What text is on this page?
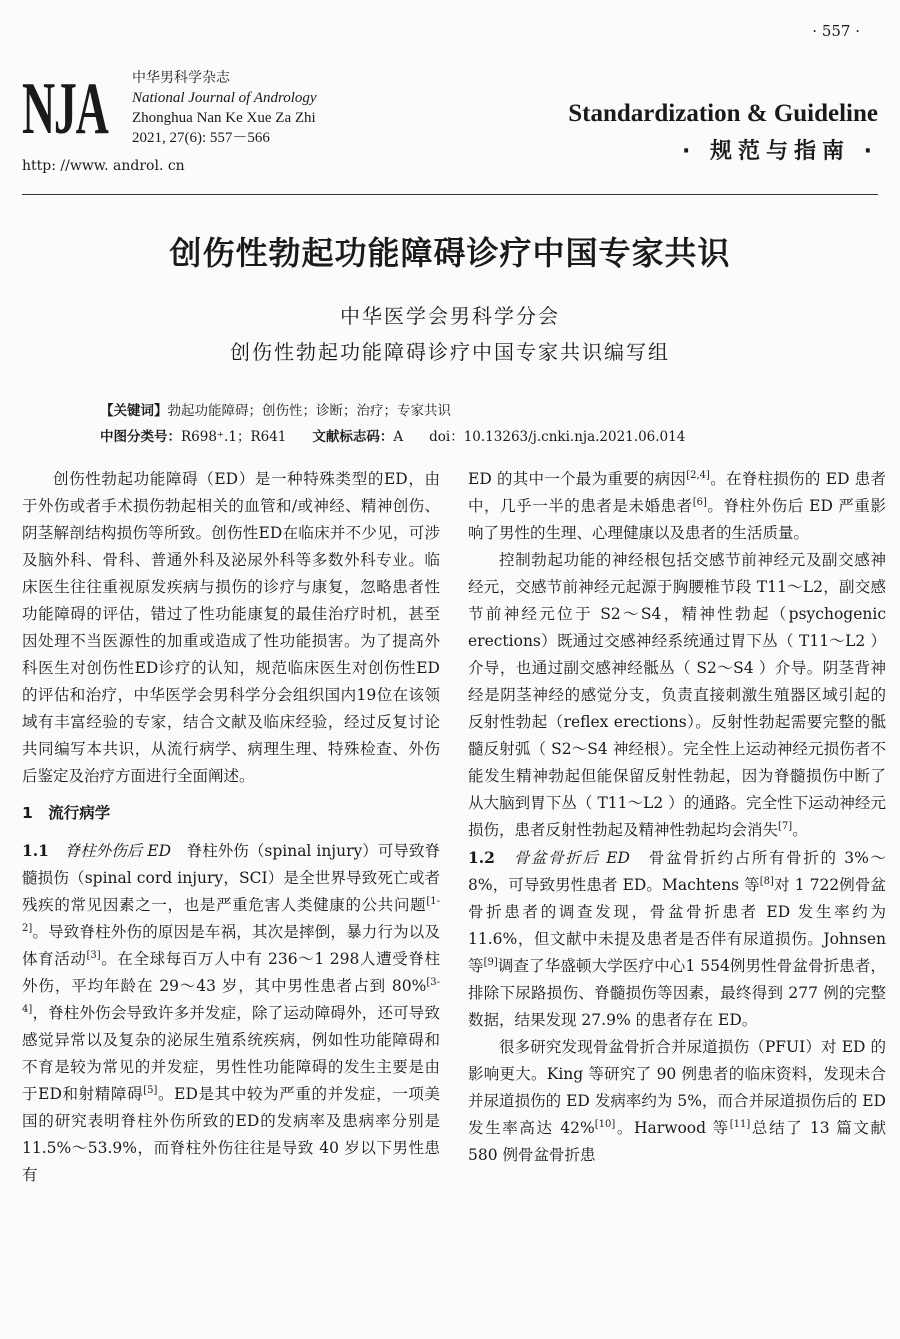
· 557 ·
NJA 中华男科学杂志
National Journal of Andrology
Zhonghua Nan Ke Xue Za Zhi
2021, 27(6): 557－566
http: //www. androl. cn
Standardization & Guideline
· 规范与指南 ·
创伤性勃起功能障碍诊疗中国专家共识
中华医学会男科学分会
创伤性勃起功能障碍诊疗中国专家共识编写组
【关键词】勃起功能障碍；创伤性；诊断；治疗；专家共识
中图分类号：R698⁺.1；R641 文献标志码：A doi：10.13263/j.cnki.nja.2021.06.014

创伤性勃起功能障碍（ED）是一种特殊类型的ED，由于外伤或者手术损伤勃起相关的血管和/或神经、精神创伤、阴茎解剖结构损伤等所致。创伤性ED在临床并不少见，可涉及脑外科、骨科、普通外科及泌尿外科等多数外科专业。临床医生往往重视原发疾病与损伤的诊疗与康复，忽略患者性功能障碍的评估，错过了性功能康复的最佳治疗时机，甚至因处理不当医源性的加重或造成了性功能损害。为了提高外科医生对创伤性ED诊疗的认知，规范临床医生对创伤性ED的评估和治疗，中华医学会男科学分会组织国内19位在该领域有丰富经验的专家，结合文献及临床经验，经过反复讨论共同编写本共识，从流行病学、病理生理、特殊检查、外伤后鉴定及治疗方面进行全面阐述。

1　流行病学

1.1　 脊柱外伤后 ED　 脊柱外伤（spinal injury）可导致脊髓损伤（spinal cord injury，SCI）是全世界导致死亡或者残疾的常见因素之一，也是严重危害人类健康的公共问题[1-2]。导致脊柱外伤的原因是车祸，其次是摔倒，暴力行为以及体育活动[3]。在全球每百万人中有 236～1 298人遭受脊柱外伤，平均年龄在 29～43 岁，其中男性患者占到 80%[3-4]，脊柱外伤会导致许多并发症，除了运动障碍外，还可导致感觉异常以及复杂的泌尿生殖系统疾病，例如性功能障碍和不育是较为常见的并发症，男性性功能障碍的发生主要是由于ED和射精障碍[5]。ED是其中较为严重的并发症，一项美国的研究表明脊柱外伤所致的ED的发病率及患病率分别是 11.5%～53.9%，而脊柱外伤往往是导致 40 岁以下男性患有

ED 的其中一个最为重要的病因[2,4]。在脊柱损伤的 ED 患者中，几乎一半的患者是未婚患者[6]。脊柱外伤后 ED 严重影响了男性的生理、心理健康以及患者的生活质量。

控制勃起功能的神经根包括交感节前神经元及副交感神经元，交感节前神经元起源于胸腰椎节段 T11～L2，副交感节前神经元位于 S2～S4，精神性勃起（psychogenic erections）既通过交感神经系统通过胃下丛（ T11～L2 ）介导，也通过副交感神经骶丛（ S2～S4 ）介导。阴茎背神经是阴茎神经的感觉分支，负责直接刺激生殖器区域引起的反射性勃起（reflex erections）。反射性勃起需要完整的骶髓反射弧（ S2～S4 神经根）。完全性上运动神经元损伤者不能发生精神勃起但能保留反射性勃起，因为脊髓损伤中断了从大脑到胃下丛（ T11～L2 ）的通路。完全性下运动神经元损伤，患者反射性勃起及精神性勃起均会消失[7]。

1.2　 骨盆骨折后 ED　 骨盆骨折约占所有骨折的 3%～8%，可导致男性患者 ED。Machtens 等[8]对 1 722例骨盆骨折患者的调查发现，骨盆骨折患者 ED 发生率约为 11.6%，但文献中未提及患者是否伴有尿道损伤。Johnsen 等[9]调查了华盛顿大学医疗中心1 554例男性骨盆骨折患者，排除下尿路损伤、脊髓损伤等因素，最终得到 277 例的完整数据，结果发现 27.9% 的患者存在 ED。

很多研究发现骨盆骨折合并尿道损伤（PFUI）对 ED 的影响更大。King 等研究了 90 例患者的临床资料，发现未合并尿道损伤的 ED 发病率约为 5%，而合并尿道损伤后的 ED 发生率高达 42%[10]。Harwood 等[11]总结了 13 篇文献 580 例骨盆骨折患
